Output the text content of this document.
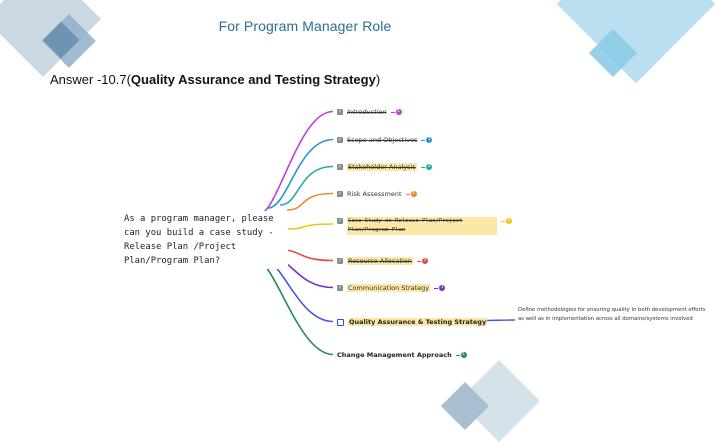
For Program Manager Role
Answer -10.7(Quality Assurance and Testing Strategy)
As a program manager, please can you build a case study - Release Plan /Project Plan/Program Plan?
✓ Introduction	1
✓ Scope and Objectives	1
✓ Stakeholder Analysis	3
✓ Risk Assessment	1
✓ Case Study on Release Plan/Project Plan/Program Plan
1
✓ Resource Allocation	1
✓ Communication Strategy	1
Quality Assurance & Testing Strategy
Change Management Approach	1
Define methodologies for ensuring quality in both development efforts as well as in implementation across all domains/systems involved
